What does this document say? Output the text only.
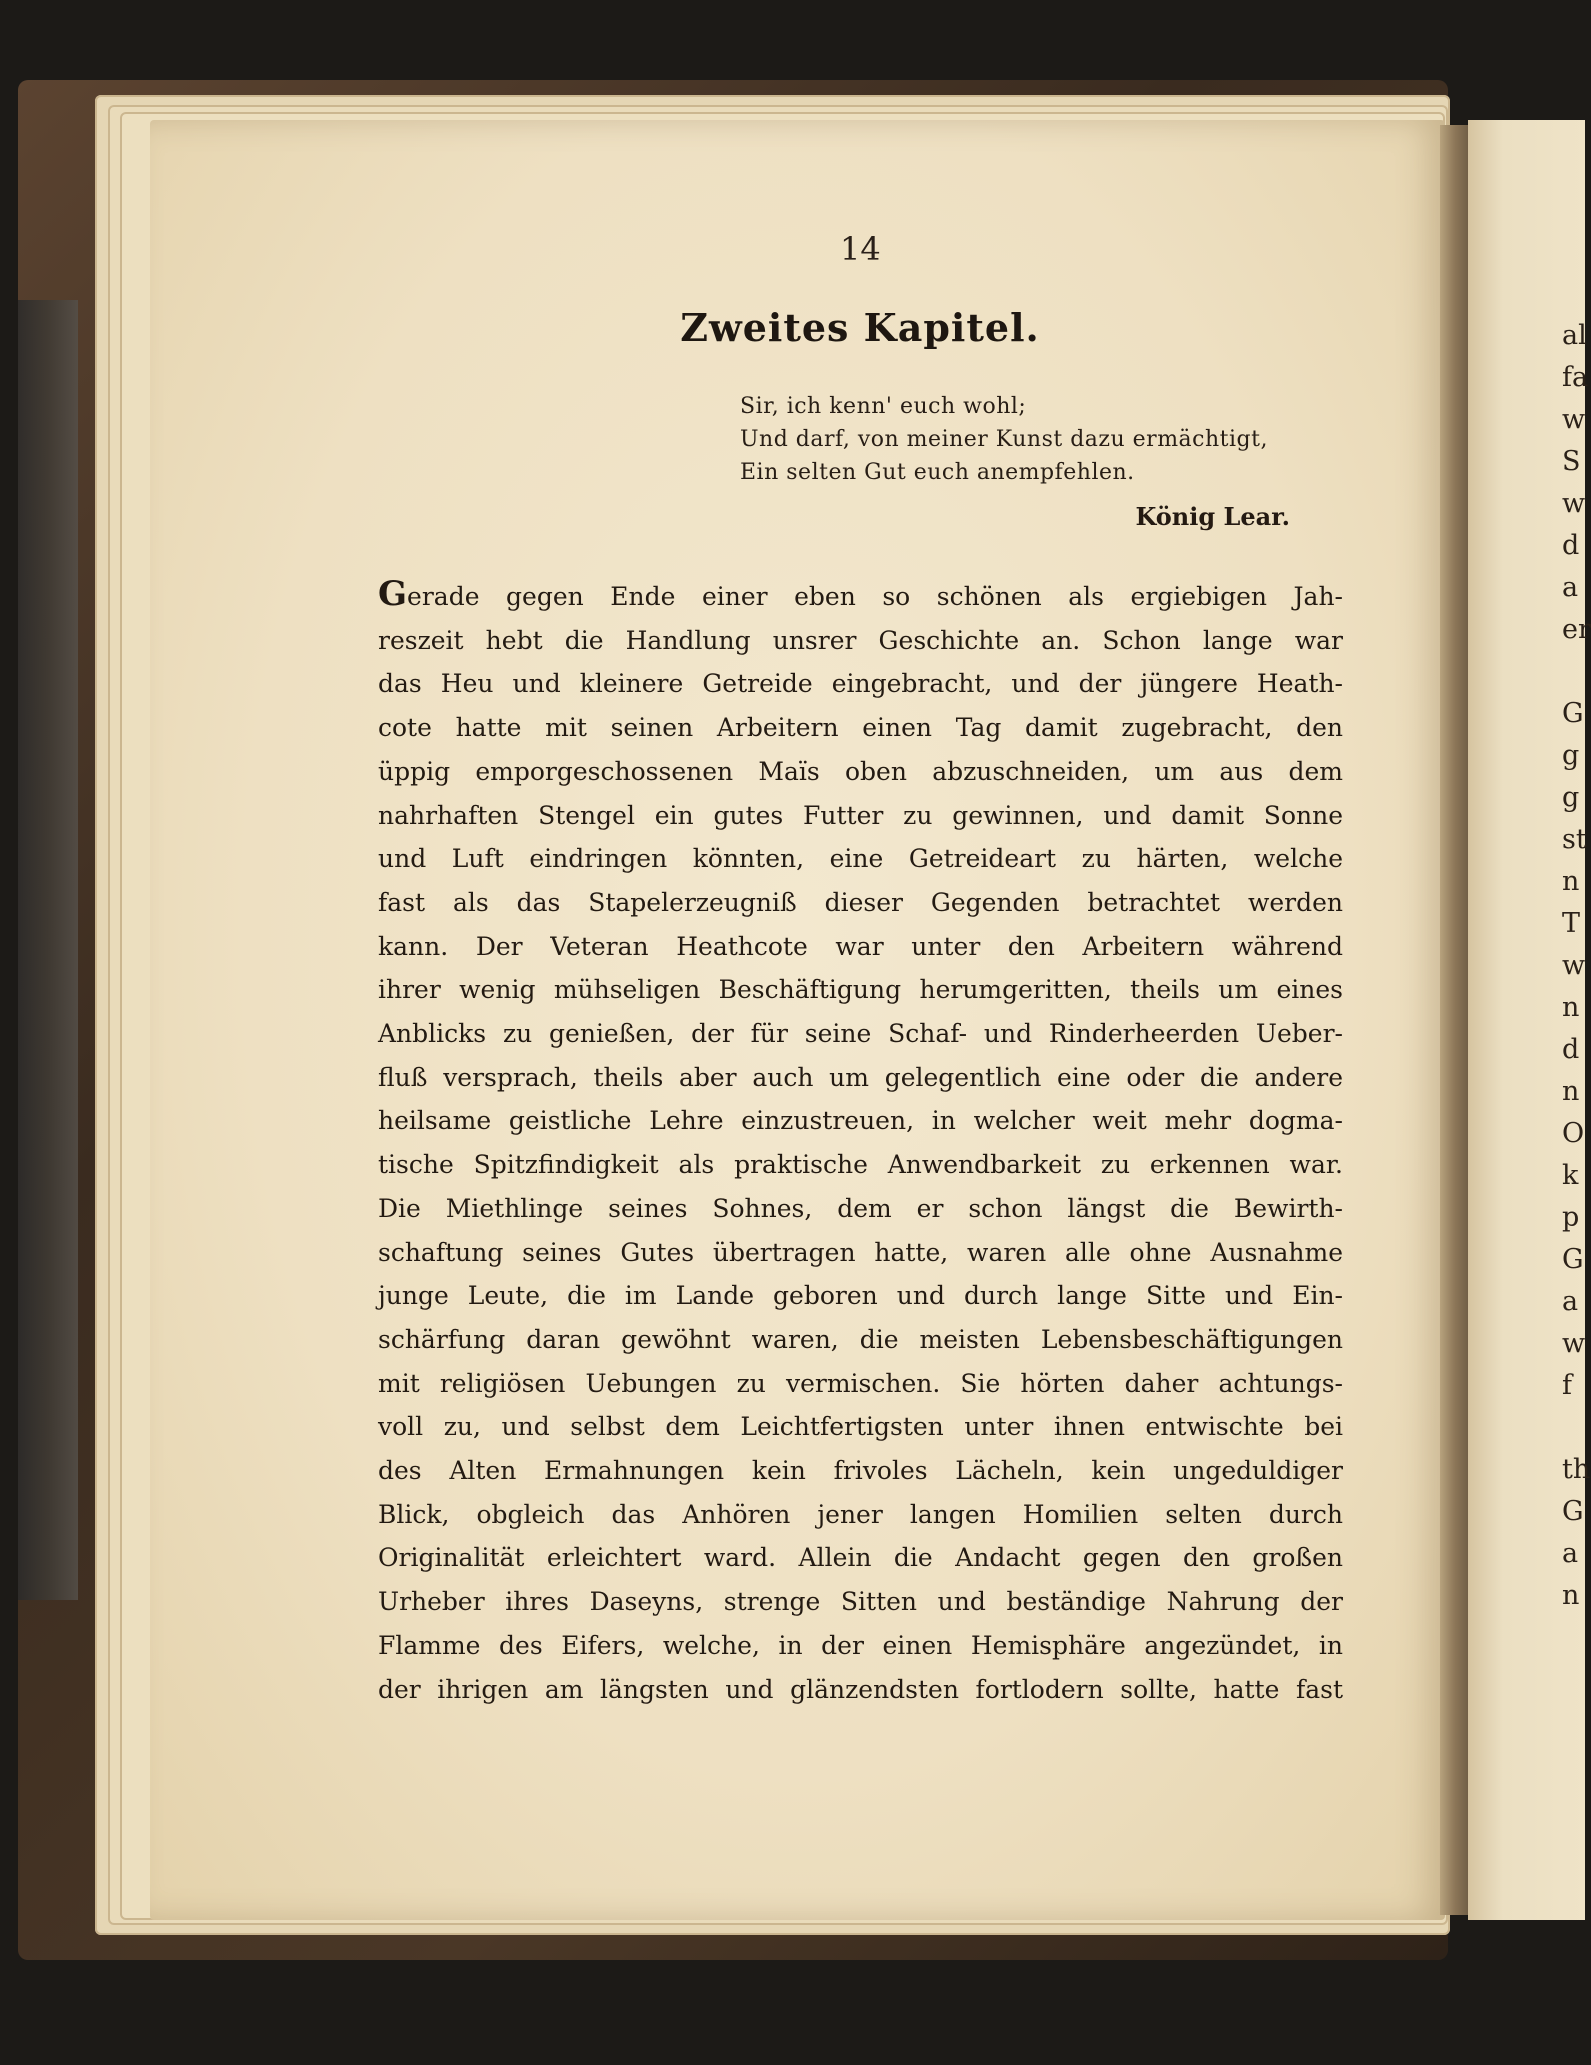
al
fa
w
S
w
d
a
er

G
g
g
st
n
T
w
n
d
n
O
k
p
G
a
w
f

th
G
a
n
14
Zweites Kapitel.
Sir, ich kenn' euch wohl;
Und darf, von meiner Kunst dazu ermächtigt,
Ein selten Gut euch anempfehlen.
König Lear.
Gerade gegen Ende einer eben so schönen als ergiebigen Jah-
reszeit hebt die Handlung unsrer Geschichte an. Schon lange war
das Heu und kleinere Getreide eingebracht, und der jüngere Heath-
cote hatte mit seinen Arbeitern einen Tag damit zugebracht, den
üppig emporgeschossenen Maïs oben abzuschneiden, um aus dem
nahrhaften Stengel ein gutes Futter zu gewinnen, und damit Sonne
und Luft eindringen könnten, eine Getreideart zu härten, welche
fast als das Stapelerzeugniß dieser Gegenden betrachtet werden
kann. Der Veteran Heathcote war unter den Arbeitern während
ihrer wenig mühseligen Beschäftigung herumgeritten, theils um eines
Anblicks zu genießen, der für seine Schaf- und Rinderheerden Ueber-
fluß versprach, theils aber auch um gelegentlich eine oder die andere
heilsame geistliche Lehre einzustreuen, in welcher weit mehr dogma-
tische Spitzfindigkeit als praktische Anwendbarkeit zu erkennen war.
Die Miethlinge seines Sohnes, dem er schon längst die Bewirth-
schaftung seines Gutes übertragen hatte, waren alle ohne Ausnahme
junge Leute, die im Lande geboren und durch lange Sitte und Ein-
schärfung daran gewöhnt waren, die meisten Lebensbeschäftigungen
mit religiösen Uebungen zu vermischen. Sie hörten daher achtungs-
voll zu, und selbst dem Leichtfertigsten unter ihnen entwischte bei
des Alten Ermahnungen kein frivoles Lächeln, kein ungeduldiger
Blick, obgleich das Anhören jener langen Homilien selten durch
Originalität erleichtert ward. Allein die Andacht gegen den großen
Urheber ihres Daseyns, strenge Sitten und beständige Nahrung der
Flamme des Eifers, welche, in der einen Hemisphäre angezündet, in
der ihrigen am längsten und glänzendsten fortlodern sollte, hatte fast
